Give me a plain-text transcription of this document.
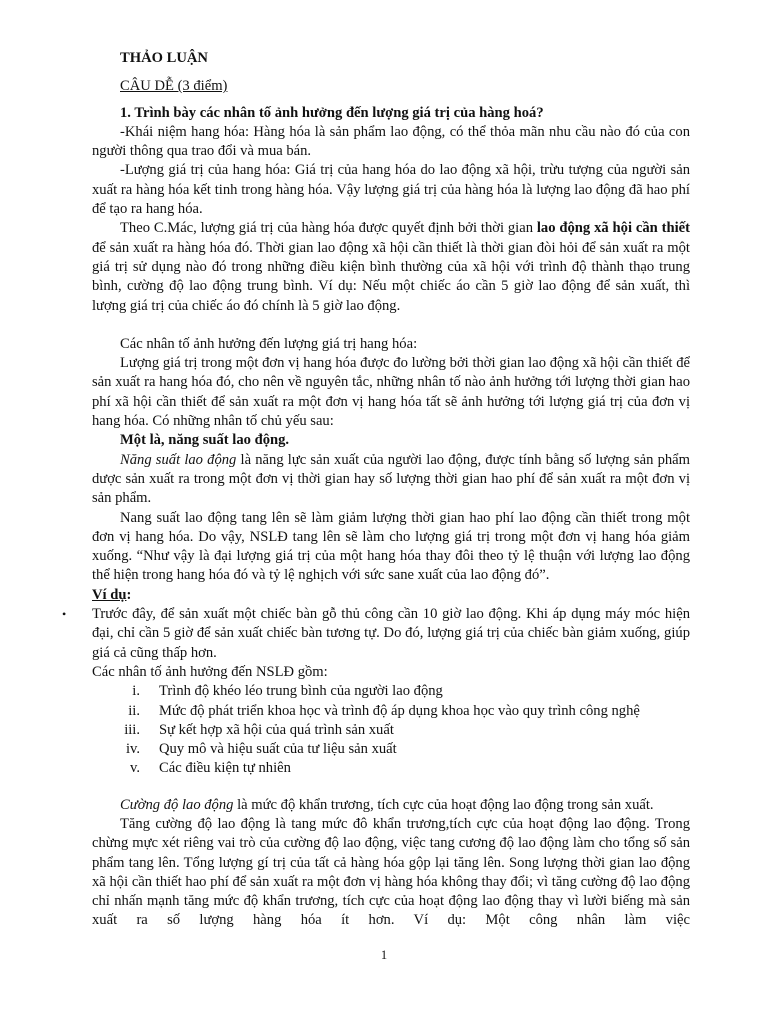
THẢO LUẬN

CÂU DỄ (3 điểm)

1. Trình bày các nhân tố ảnh hưởng đến lượng giá trị của hàng hoá?

-Khái niệm hang hóa: Hàng hóa là sản phẩm lao động, có thể thỏa mãn nhu cầu nào đó của con người thông qua trao đổi và mua bán.

-Lượng giá trị của hang hóa: Giá trị của hang hóa do lao động xã hội, trừu tượng của người sản xuất ra hàng hóa kết tinh trong hàng hóa. Vậy lượng giá trị của hàng hóa là lượng lao động đã hao phí để tạo ra hang hóa.

Theo C.Mác, lượng giá trị của hàng hóa được quyết định bởi thời gian lao động xã hội cần thiết để sản xuất ra hàng hóa đó. Thời gian lao động xã hội cần thiết là thời gian đòi hỏi để sản xuất ra một giá trị sử dụng nào đó trong những điều kiện bình thường của xã hội với trình độ thành thạo trung bình, cường độ lao động trung bình. Ví dụ: Nếu một chiếc áo cần 5 giờ lao động để sản xuất, thì lượng giá trị của chiếc áo đó chính là 5 giờ lao động.

Các nhân tố ảnh hưởng đến lượng giá trị hang hóa:

Lượng giá trị trong một đơn vị hang hóa được đo lường bởi thời gian lao động xã hội cần thiết để sản xuất ra hang hóa đó, cho nên về nguyên tắc, những nhân tố nào ảnh hưởng tới lượng thời gian hao phí xã hội cần thiết để sản xuất ra một đơn vị hang hóa tất sẽ ảnh hưởng tới lượng giá trị của đơn vị hang hóa. Có những nhân tố chủ yếu sau:

Một là, năng suất lao động.

Năng suất lao động là năng lực sản xuất của người lao động, được tính bằng số lượng sản phẩm dược sản xuất ra trong một đơn vị thời gian hay số lượng thời gian hao phí để sản xuất ra một đơn vị sản phẩm.

Nang suất lao động tang lên sẽ làm giảm lượng thời gian hao phí lao động cần thiết trong một đơn vị hang hóa. Do vậy, NSLĐ tang lên sẽ làm cho lượng giá trị trong một đơn vị hang hóa giảm xuống. “Như vậy là đại lượng giá trị của một hang hóa thay đôi theo tỷ lệ thuận với lượng lao động thể hiện trong hang hóa đó và tỷ lệ nghịch với sức sane xuất của lao động đó”.

Ví dụ:

• Trước đây, để sản xuất một chiếc bàn gỗ thủ công cần 10 giờ lao động. Khi áp dụng máy móc hiện đại, chỉ cần 5 giờ để sản xuất chiếc bàn tương tự. Do đó, lượng giá trị của chiếc bàn giảm xuống, giúp giá cả cũng thấp hơn.

Các nhân tố ảnh hưởng đến NSLĐ gồm:

i.	Trình độ khéo léo trung bình của người lao động
ii.	Mức độ phát triển khoa học và trình độ áp dụng khoa học vào quy trình công nghệ
iii.	Sự kết hợp xã hội của quá trình sản xuất
iv.	Quy mô và hiệu suất của tư liệu sản xuất
v.	Các điều kiện tự nhiên

Cường độ lao động là mức độ khẩn trương, tích cực của hoạt động lao động trong sản xuất.

Tăng cường độ lao động là tang mức đô khẩn trương,tích cực của hoạt động lao động. Trong chừng mực xét riêng vai trò của cường độ lao động, việc tang cương độ lao động làm cho tổng số sản phẩm tang lên. Tổng lượng gí trị của tất cả hàng hóa gộp lại tăng lên. Song lượng thời gian lao động xã hội cần thiết hao phí để sản xuất ra một đơn vị hàng hóa không thay đổi; vì tăng cường độ lao động chỉ nhấn mạnh tăng mức độ khẩn trương, tích cực của hoạt động lao động thay vì lười biếng mà sản xuất ra số lượng hàng hóa ít hơn. Ví dụ: Một công nhân làm việc

1
